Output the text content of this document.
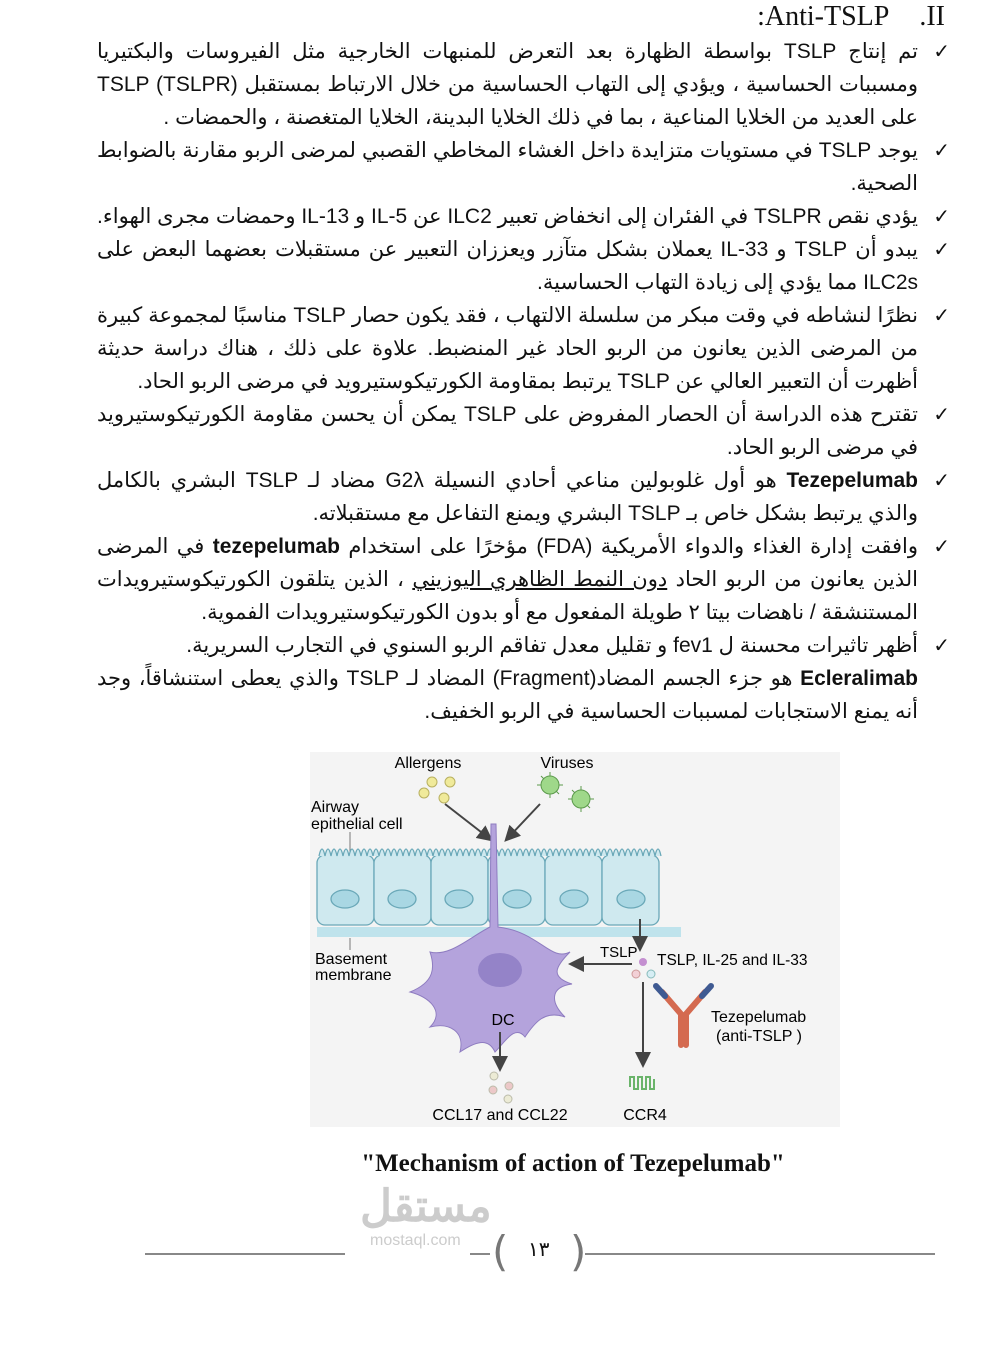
:Anti-TSLP .II
✓
تم إنتاج TSLP بواسطة الظهارة بعد التعرض للمنبهات الخارجية مثل الفيروسات والبكتيريا ومسببات الحساسية ، ويؤدي إلى التهاب الحساسية من خلال الارتباط بمستقبل (TSLP (TSLPR على العديد من الخلايا المناعية ، بما في ذلك الخلايا البدينة، الخلايا المتغصنة ، والحمضات .
✓
يوجد TSLP في مستويات متزايدة داخل الغشاء المخاطي القصبي لمرضى الربو مقارنة بالضوابط الصحية.
✓
يؤدي نقص TSLPR في الفئران إلى انخفاض تعبير ILC2 عن IL-5 و IL-13 وحمضات مجرى الهواء.
✓
يبدو أن TSLP و IL-33 يعملان بشكل متآزر ويعززان التعبير عن مستقبلات بعضهما البعض على ILC2s مما يؤدي إلى زيادة التهاب الحساسية.
✓
نظرًا لنشاطه في وقت مبكر من سلسلة الالتهاب ، فقد يكون حصار TSLP مناسبًا لمجموعة كبيرة من المرضى الذين يعانون من الربو الحاد غير المنضبط. علاوة على ذلك ، هناك دراسة حديثة أظهرت أن التعبير العالي عن TSLP يرتبط بمقاومة الكورتيكوستيرويد في مرضى الربو الحاد.
✓
تقترح هذه الدراسة أن الحصار المفروض على TSLP يمكن أن يحسن مقاومة الكورتيكوستيرويد في مرضى الربو الحاد.
✓
Tezepelumab هو أول غلوبولين مناعي أحادي النسيلة G2λ مضاد لـ TSLP البشري بالكامل والذي يرتبط بشكل خاص بـ TSLP البشري ويمنع التفاعل مع مستقبلاته.
✓
وافقت إدارة الغذاء والدواء الأمريكية (FDA) مؤخرًا على استخدام tezepelumab في المرضى الذين يعانون من الربو الحاد دون النمط الظاهري اليوزيني ، الذين يتلقون الكورتيكوستيرويدات المستنشقة / ناهضات بيتا ٢ طويلة المفعول مع أو بدون الكورتيكوستيرويدات الفموية.
✓
أظهر تاثيرات محسنة ل fev1 و تقليل معدل تفاقم الربو السنوي في التجارب السريرية.
Ecleralimab هو جزء الجسم المضاد(Fragment) المضاد لـ TSLP والذي يعطى استنشاقاً، وجد أنه يمنع الاستجابات لمسببات الحساسية في الربو الخفيف.
Allergens	Viruses
Airway
epithelial cell
Basement
membrane
TSLP TSLP, IL-25 and IL-33
Tezepelumab
(anti-TSLP )
CCR4
DC
CCL17 and CCL22
"Mechanism of action of Tezepelumab"
مستقل
mostaql.com ( )
١٣
